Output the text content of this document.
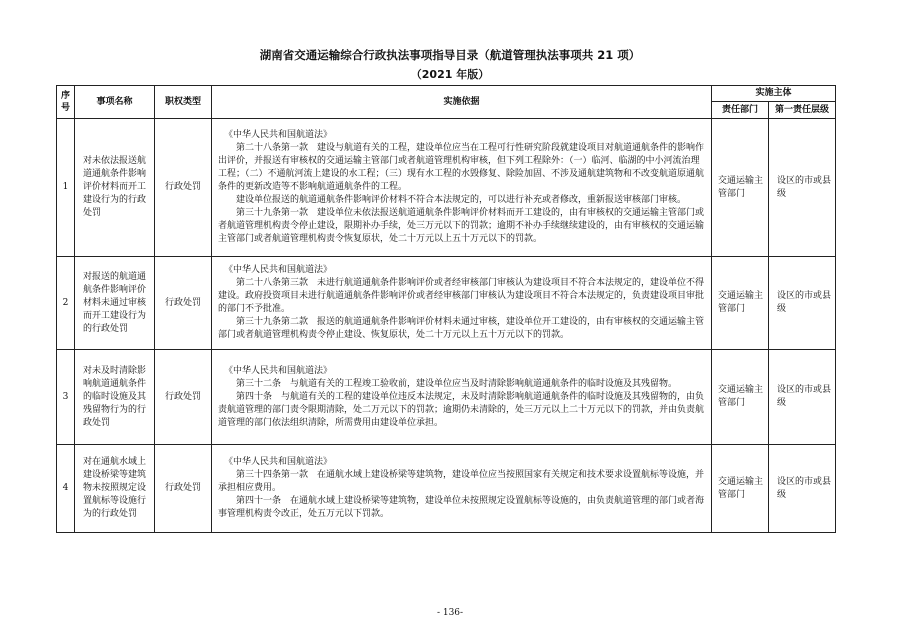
湖南省交通运输综合行政执法事项指导目录（航道管理执法事项共 21 项）
（2021 年版）
序号	事项名称	职权类型	实施依据	实施主体	
				责任部门	第一责任层级
1	对未依法报送航道通航条件影响评价材料而开工建设行为的行政处罚	行政处罚	《中华人民共和国航道法》
第二十八条第一款　建设与航道有关的工程，建设单位应当在工程可行性研究阶段就建设项目对航道通航条件的影响作出评价，并报送有审核权的交通运输主管部门或者航道管理机构审核，但下列工程除外：（一）临河、临湖的中小河流治理工程；（二）不通航河流上建设的水工程；（三）现有水工程的水毁修复、除险加固、不涉及通航建筑物和不改变航道原通航条件的更新改造等不影响航道通航条件的工程。
建设单位报送的航道通航条件影响评价材料不符合本法规定的，可以进行补充或者修改，重新报送审核部门审核。
第三十九条第一款　建设单位未依法报送航道通航条件影响评价材料而开工建设的，由有审核权的交通运输主管部门或者航道管理机构责令停止建设，限期补办手续，处三万元以下的罚款；逾期不补办手续继续建设的，由有审核权的交通运输主管部门或者航道管理机构责令恢复原状，处二十万元以上五十万元以下的罚款。	交通运输主管部门	设区的市或县级
2	对报送的航道通航条件影响评价材料未通过审核而开工建设行为的行政处罚	行政处罚	《中华人民共和国航道法》
第二十八条第三款　未进行航道通航条件影响评价或者经审核部门审核认为建设项目不符合本法规定的，建设单位不得建设。政府投资项目未进行航道通航条件影响评价或者经审核部门审核认为建设项目不符合本法规定的，负责建设项目审批的部门不予批准。
第三十九条第二款　报送的航道通航条件影响评价材料未通过审核，建设单位开工建设的，由有审核权的交通运输主管部门或者航道管理机构责令停止建设、恢复原状，处二十万元以上五十万元以下的罚款。	交通运输主管部门	设区的市或县级
3	对未及时清除影响航道通航条件的临时设施及其残留物行为的行政处罚	行政处罚	《中华人民共和国航道法》
第三十二条　与航道有关的工程竣工验收前，建设单位应当及时清除影响航道通航条件的临时设施及其残留物。
第四十条　与航道有关的工程的建设单位违反本法规定，未及时清除影响航道通航条件的临时设施及其残留物的，由负责航道管理的部门责令限期清除，处二万元以下的罚款；逾期仍未清除的，处三万元以上二十万元以下的罚款，并由负责航道管理的部门依法组织清除，所需费用由建设单位承担。	交通运输主管部门	设区的市或县级
4	对在通航水域上建设桥梁等建筑物未按照规定设置航标等设施行为的行政处罚	行政处罚	《中华人民共和国航道法》
第三十四条第一款　在通航水域上建设桥梁等建筑物，建设单位应当按照国家有关规定和技术要求设置航标等设施，并承担相应费用。
第四十一条　在通航水域上建设桥梁等建筑物，建设单位未按照规定设置航标等设施的，由负责航道管理的部门或者海事管理机构责令改正，处五万元以下罚款。	交通运输主管部门	设区的市或县级
- 136-
